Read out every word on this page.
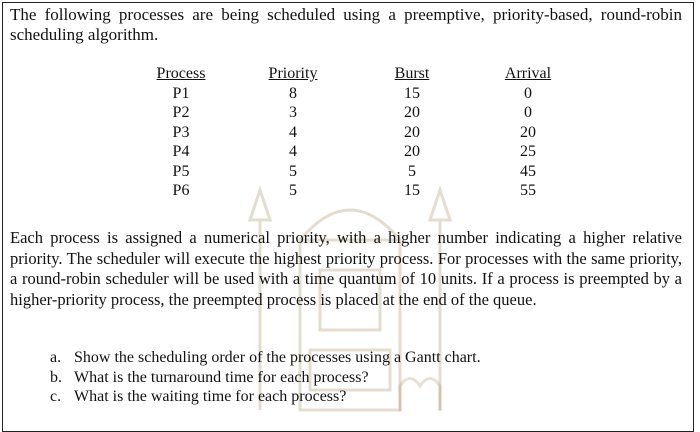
The following processes are being scheduled using a preemptive, priority-based, round-robin scheduling algorithm.
Process		Priority		Burst		Arrival
P1		8		15		0
P2		3		20		0
P3		4		20		20
P4		4		20		25
P5		5		5		45
P6		5		15		55
Each process is assigned a numerical priority, with a higher number indicating a higher relative priority. The scheduler will execute the highest priority process. For processes with the same priority, a round-robin scheduler will be used with a time quantum of 10 units. If a process is preempted by a higher-priority process, the preempted process is placed at the end of the queue.
a. Show the scheduling order of the processes using a Gantt chart.
b. What is the turnaround time for each process?
c. What is the waiting time for each process?
